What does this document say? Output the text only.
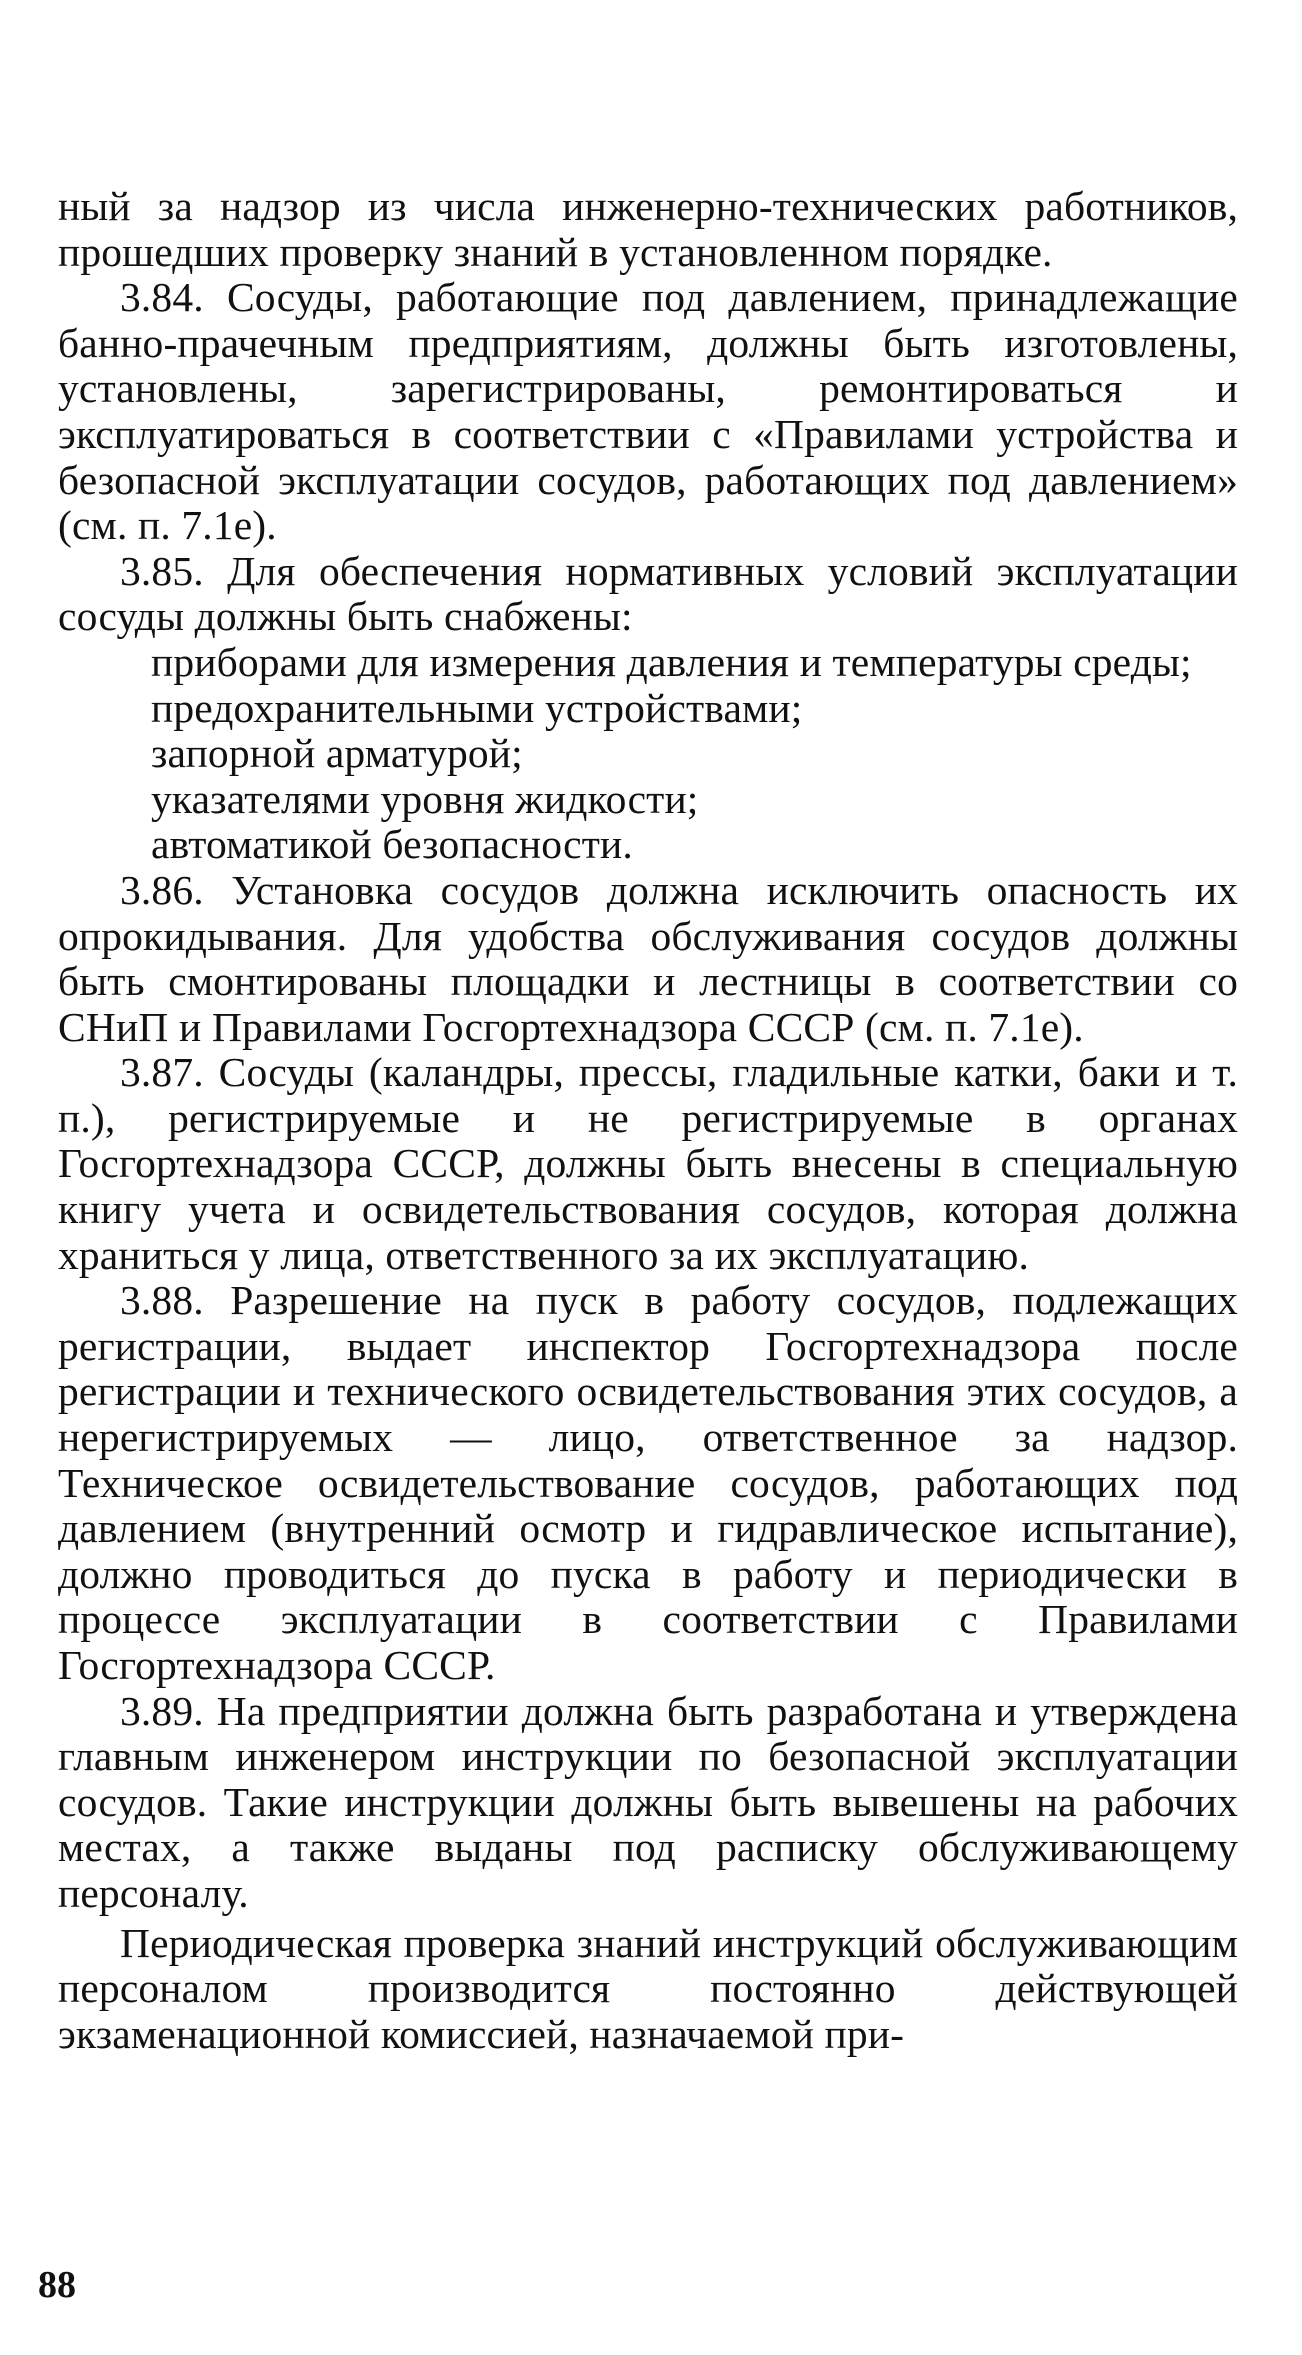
ный за надзор из числа инженерно-технических работников, прошедших проверку знаний в установленном порядке.

3.84. Сосуды, работающие под давлением, принадлежащие банно-прачечным предприятиям, должны быть изготовлены, установлены, зарегистрированы, ремонтироваться и эксплуатироваться в соответствии с «Правилами устройства и безопасной эксплуатации сосудов, работающих под давлением» (см. п. 7.1е).

3.85. Для обеспечения нормативных условий эксплуатации сосуды должны быть снабжены:

приборами для измерения давления и температуры среды;

предохранительными устройствами;

запорной арматурой;

указателями уровня жидкости;

автоматикой безопасности.

3.86. Установка сосудов должна исключить опасность их опрокидывания. Для удобства обслуживания сосудов должны быть смонтированы площадки и лестницы в соответствии со СНиП и Правилами Госгортехнадзора СССР (см. п. 7.1е).

3.87. Сосуды (каландры, прессы, гладильные катки, баки и т. п.), регистрируемые и не регистрируемые в органах Госгортехнадзора СССР, должны быть внесены в специальную книгу учета и освидетельствования сосудов, которая должна храниться у лица, ответственного за их эксплуатацию.

3.88. Разрешение на пуск в работу сосудов, подлежащих регистрации, выдает инспектор Госгортехнадзора после регистрации и технического освидетельствования этих сосудов, а нерегистрируемых — лицо, ответственное за надзор. Техническое освидетельствование сосудов, работающих под давлением (внутренний осмотр и гидравлическое испытание), должно проводиться до пуска в работу и периодически в процессе эксплуатации в соответствии с Правилами Госгортехнадзора СССР.

3.89. На предприятии должна быть разработана и утверждена главным инженером инструкции по безопасной эксплуатации сосудов. Такие инструкции должны быть вывешены на рабочих местах, а также выданы под расписку обслуживающему персоналу.

Периодическая проверка знаний инструкций обслуживающим персоналом производится постоянно действующей экзаменационной комиссией, назначаемой при-

88
